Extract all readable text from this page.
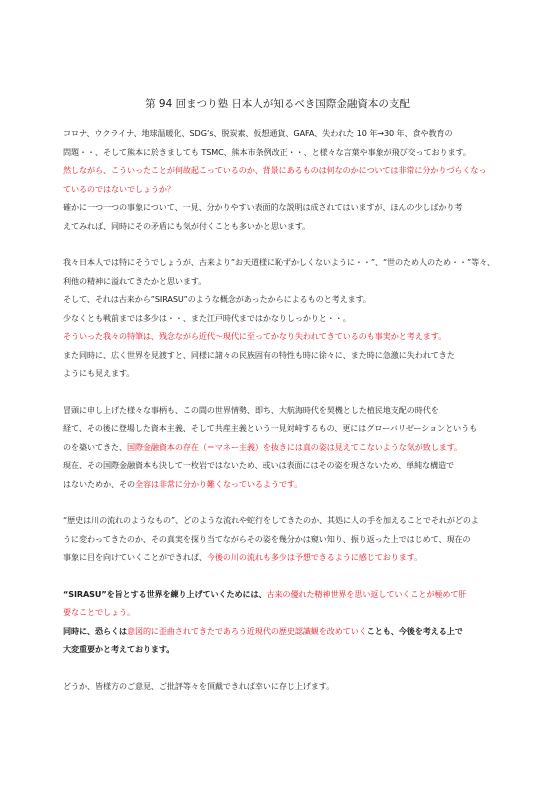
第 94 回まつり塾 日本人が知るべき国際金融資本の支配
コロナ、ウクライナ、地球温暖化、SDG’s、脱炭素、仮想通貨、GAFA、失われた 10 年→30 年、食や教育の
問題・・、そして熊本に於きましても TSMC、熊本市条例改正・・、と様々な言葉や事象が飛び交っております。
然しながら、こういったことが何故起こっているのか、背景にあるものは何なのかについては非常に分かりづらくなっ
ているのではないでしょうか？
確かに一つ一つの事象について、一見、分かりやすい表面的な説明は成されてはいますが、ほんの少しばかり考
えてみれば、同時にその矛盾にも気が付くことも多いかと思います。
我々日本人では特にそうでしょうが、古来より”お天道様に恥ずかしくないように・・”、“世のため人のため・・”等々、
利他の精神に溢れてきたかと思います。
そして、それは古来から”SIRASU”のような概念があったからによるものと考えます。
少なくとも戦前までは多少は・・、また江戸時代まではかなりしっかりと・・。
そういった我々の特筆は、残念ながら近代～現代に至ってかなり失われてきているのも事実かと考えます。
また同時に、広く世界を見渡すと、同様に諸々の民族固有の特性も時に徐々に、また時に急激に失われてきた
ようにも見えます。
冒頭に申し上げた様々な事柄も、この間の世界情勢、即ち、大航海時代を契機とした植民地支配の時代を
経て、その後に登場した資本主義、そして共産主義という一見対峙するもの、更にはグローバリゼーションというも
のを築いてきた、国際金融資本の存在（＝マネー主義）を抜きには真の姿は見えてこないような気が致します。
現在、その国際金融資本も決して一枚岩ではないため、或いは表面にはその姿を現さないため、単純な構造で
はないためか、その全容は非常に分かり難くなっているようです。
“歴史は川の流れのようなもの”、どのような流れや蛇行をしてきたのか、其処に人の手を加えることでそれがどのよ
うに変わってきたのか、その真実を探り当てながらその姿を幾分かは窺い知り、振り返った上ではじめて、現在の
事象に目を向けていくことができれば、今後の川の流れも多少は予想できるように感じております。
“SIRASU”を旨とする世界を練り上げていくためには、古来の優れた精神世界を思い返していくことが極めて肝
要なことでしょう。
同時に、恐らくは意図的に歪曲されてきたであろう近現代の歴史認識観を改めていくことも、今後を考える上で
大変重要かと考えております。
どうか、皆様方のご意見、ご批評等々を頂戴できれば幸いに存じ上げます。
